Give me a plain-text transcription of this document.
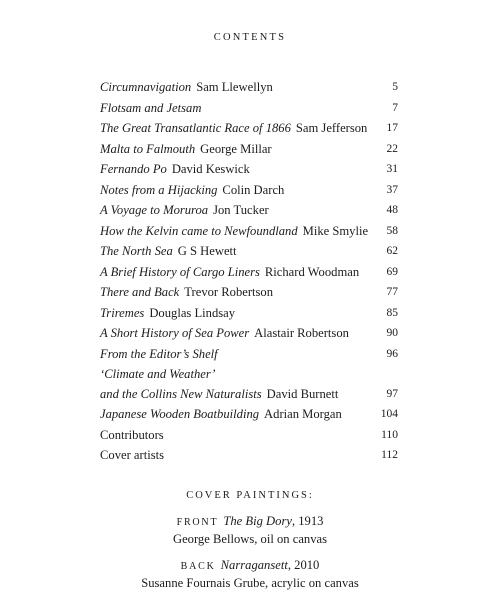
CONTENTS
Circumnavigation Sam Llewellyn	5
Flotsam and Jetsam	7
The Great Transatlantic Race of 1866 Sam Jefferson 17
Malta to Falmouth George Millar	22
Fernando Po David Keswick	31
Notes from a Hijacking Colin Darch	37
A Voyage to Moruroa Jon Tucker	48
How the Kelvin came to Newfoundland Mike Smylie 58
The North Sea G S Hewett	62
A Brief History of Cargo Liners Richard Woodman 69
There and Back Trevor Robertson	77
Triremes Douglas Lindsay	85
A Short History of Sea Power Alastair Robertson	90
From the Editor’s Shelf	96
‘Climate and Weather’
and the Collins New Naturalists David Burnett	97
Japanese Wooden Boatbuilding Adrian Morgan	104
Contributors	110
Cover artists	112
COVER PAINTINGS:
FRONT The Big Dory, 1913
George Bellows, oil on canvas
BACK Narragansett, 2010
Susanne Fournais Grube, acrylic on canvas
